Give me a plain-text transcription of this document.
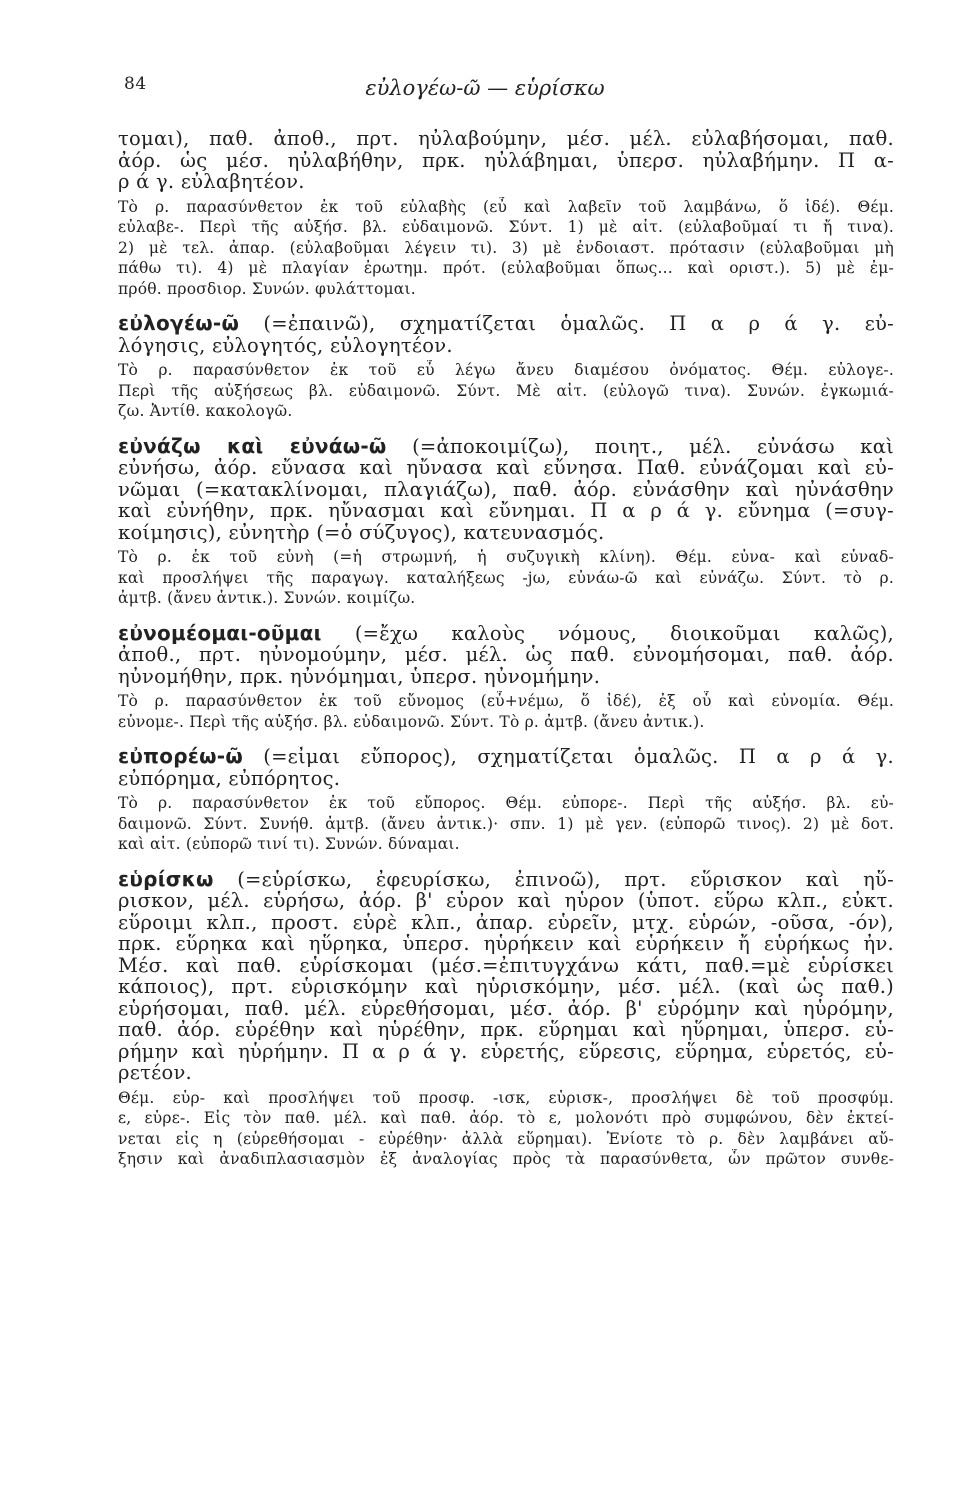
84	εὐλογέω-ῶ — εὑρίσκω
τομαι), παθ. ἀποθ., πρτ. ηὐλαβούμην, μέσ. μέλ. εὐλαβήσομαι, παθ.
ἀόρ. ὡς μέσ. ηὐλαβήθην, πρκ. ηὐλάβημαι, ὑπερσ. ηὐλαβήμην. Π α-
ρ ά γ. εὐλαβητέον.
Τὸ ρ. παρασύνθετον ἐκ τοῦ εὐλαβὴς (εὖ καὶ λαβεῖν τοῦ λαμβάνω, ὅ ἰδέ). Θέμ.
εὐλαβε-. Περὶ τῆς αὐξήσ. βλ. εὐδαιμονῶ. Σύντ. 1) μὲ αἰτ. (εὐλαβοῦμαί τι ἤ τινα).
2) μὲ τελ. ἀπαρ. (εὐλαβοῦμαι λέγειν τι). 3) μὲ ἐνδοιαστ. πρότασιν (εὐλαβοῦμαι μὴ
πάθω τι). 4) μὲ πλαγίαν ἐρωτημ. πρότ. (εὐλαβοῦμαι ὅπως... καὶ οριστ.). 5) μὲ ἐμ-
πρόθ. προσδιορ. Συνών. φυλάττομαι.
εὐλογέω-ῶ (=ἐπαινῶ), σχηματίζεται ὁμαλῶς. Π α ρ ά γ. εὐ-
λόγησις, εὐλογητός, εὐλογητέον.
Τὸ ρ. παρασύνθετον ἐκ τοῦ εὖ λέγω ἄνευ διαμέσου ὀνόματος. Θέμ. εὐλογε-.
Περὶ τῆς αὐξήσεως βλ. εὐδαιμονῶ. Σύντ. Μὲ αἰτ. (εὐλογῶ τινα). Συνών. ἐγκωμιά-
ζω. Ἀντίθ. κακολογῶ.
εὐνάζω καὶ εὐνάω-ῶ (=ἀποκοιμίζω), ποιητ., μέλ. εὐνάσω καὶ
εὐνήσω, ἀόρ. εὔνασα καὶ ηὔνασα καὶ εὔνησα. Παθ. εὐνάζομαι καὶ εὐ-
νῶμαι (=κατακλίνομαι, πλαγιάζω), παθ. ἀόρ. εὐνάσθην καὶ ηὐνάσθην
καὶ εὐνήθην, πρκ. ηὔνασμαι καὶ εὔνημαι. Π α ρ ά γ. εὔνημα (=συγ-
κοίμησις), εὐνητὴρ (=ὁ σύζυγος), κατευνασμός.
Τὸ ρ. ἐκ τοῦ εὐνὴ (=ἡ στρωμνή, ἡ συζυγικὴ κλίνη). Θέμ. εὐνα- καὶ εὐναδ-
καὶ προσλήψει τῆς παραγωγ. καταλήξεως -jω, εὐνάω-ῶ καὶ εὐνάζω. Σύντ. τὸ ρ.
ἀμτβ. (ἄνευ ἀντικ.). Συνών. κοιμίζω.
εὐνομέομαι-οῦμαι (=ἔχω καλοὺς νόμους, διοικοῦμαι καλῶς),
ἀποθ., πρτ. ηὐνομούμην, μέσ. μέλ. ὡς παθ. εὐνομήσομαι, παθ. ἀόρ.
ηὐνομήθην, πρκ. ηὐνόμημαι, ὑπερσ. ηὐνομήμην.
Τὸ ρ. παρασύνθετον ἐκ τοῦ εὔνομος (εὖ+νέμω, ὅ ἰδέ), ἐξ οὗ καὶ εὐνομία. Θέμ.
εὐνομε-. Περὶ τῆς αὐξήσ. βλ. εὐδαιμονῶ. Σύντ. Τὸ ρ. ἀμτβ. (ἄνευ ἀντικ.).
εὐπορέω-ῶ (=εἶμαι εὔπορος), σχηματίζεται ὁμαλῶς. Π α ρ ά γ.
εὐπόρημα, εὐπόρητος.
Τὸ ρ. παρασύνθετον ἐκ τοῦ εὔπορος. Θέμ. εὐπορε-. Περὶ τῆς αὐξήσ. βλ. εὐ-
δαιμονῶ. Σύντ. Συνήθ. ἀμτβ. (ἄνευ ἀντικ.)· σπν. 1) μὲ γεν. (εὐπορῶ τινος). 2) μὲ δοτ.
καὶ αἰτ. (εὐπορῶ τινί τι). Συνών. δύναμαι.
εὑρίσκω (=εὑρίσκω, ἐφευρίσκω, ἐπινοῶ), πρτ. εὕρισκον καὶ ηὕ-
ρισκον, μέλ. εὑρήσω, ἀόρ. β' εὗρον καὶ ηὗρον (ὑποτ. εὕρω κλπ., εὐκτ.
εὕροιμι κλπ., προστ. εὑρὲ κλπ., ἀπαρ. εὑρεῖν, μτχ. εὑρών, -οῦσα, -όν),
πρκ. εὕρηκα καὶ ηὕρηκα, ὑπερσ. ηὑρήκειν καὶ εὑρήκειν ἤ εὑρήκως ἦν.
Μέσ. καὶ παθ. εὑρίσκομαι (μέσ.=ἐπιτυγχάνω κάτι, παθ.=μὲ εὑρίσκει
κάποιος), πρτ. εὑρισκόμην καὶ ηὑρισκόμην, μέσ. μέλ. (καὶ ὡς παθ.)
εὑρήσομαι, παθ. μέλ. εὑρεθήσομαι, μέσ. ἀόρ. β' εὑρόμην καὶ ηὑρόμην,
παθ. ἀόρ. εὑρέθην καὶ ηὑρέθην, πρκ. εὕρημαι καὶ ηὕρημαι, ὑπερσ. εὑ-
ρήμην καὶ ηὑρήμην. Π α ρ ά γ. εὑρετής, εὕρεσις, εὕρημα, εὑρετός, εὑ-
ρετέον.
Θέμ. εὑρ- καὶ προσλήψει τοῦ προσφ. -ισκ, εὑρισκ-, προσλήψει δὲ τοῦ προσφύμ.
ε, εὑρε-. Εἰς τὸν παθ. μέλ. καὶ παθ. ἀόρ. τὸ ε, μολονότι πρὸ συμφώνου, δὲν ἐκτεί-
νεται εἰς η (εὑρεθήσομαι - εὑρέθην· ἀλλὰ εὕρημαι). Ἐνίοτε τὸ ρ. δὲν λαμβάνει αὔ-
ξησιν καὶ ἀναδιπλασιασμὸν ἐξ ἀναλογίας πρὸς τὰ παρασύνθετα, ὧν πρῶτον συνθε-
